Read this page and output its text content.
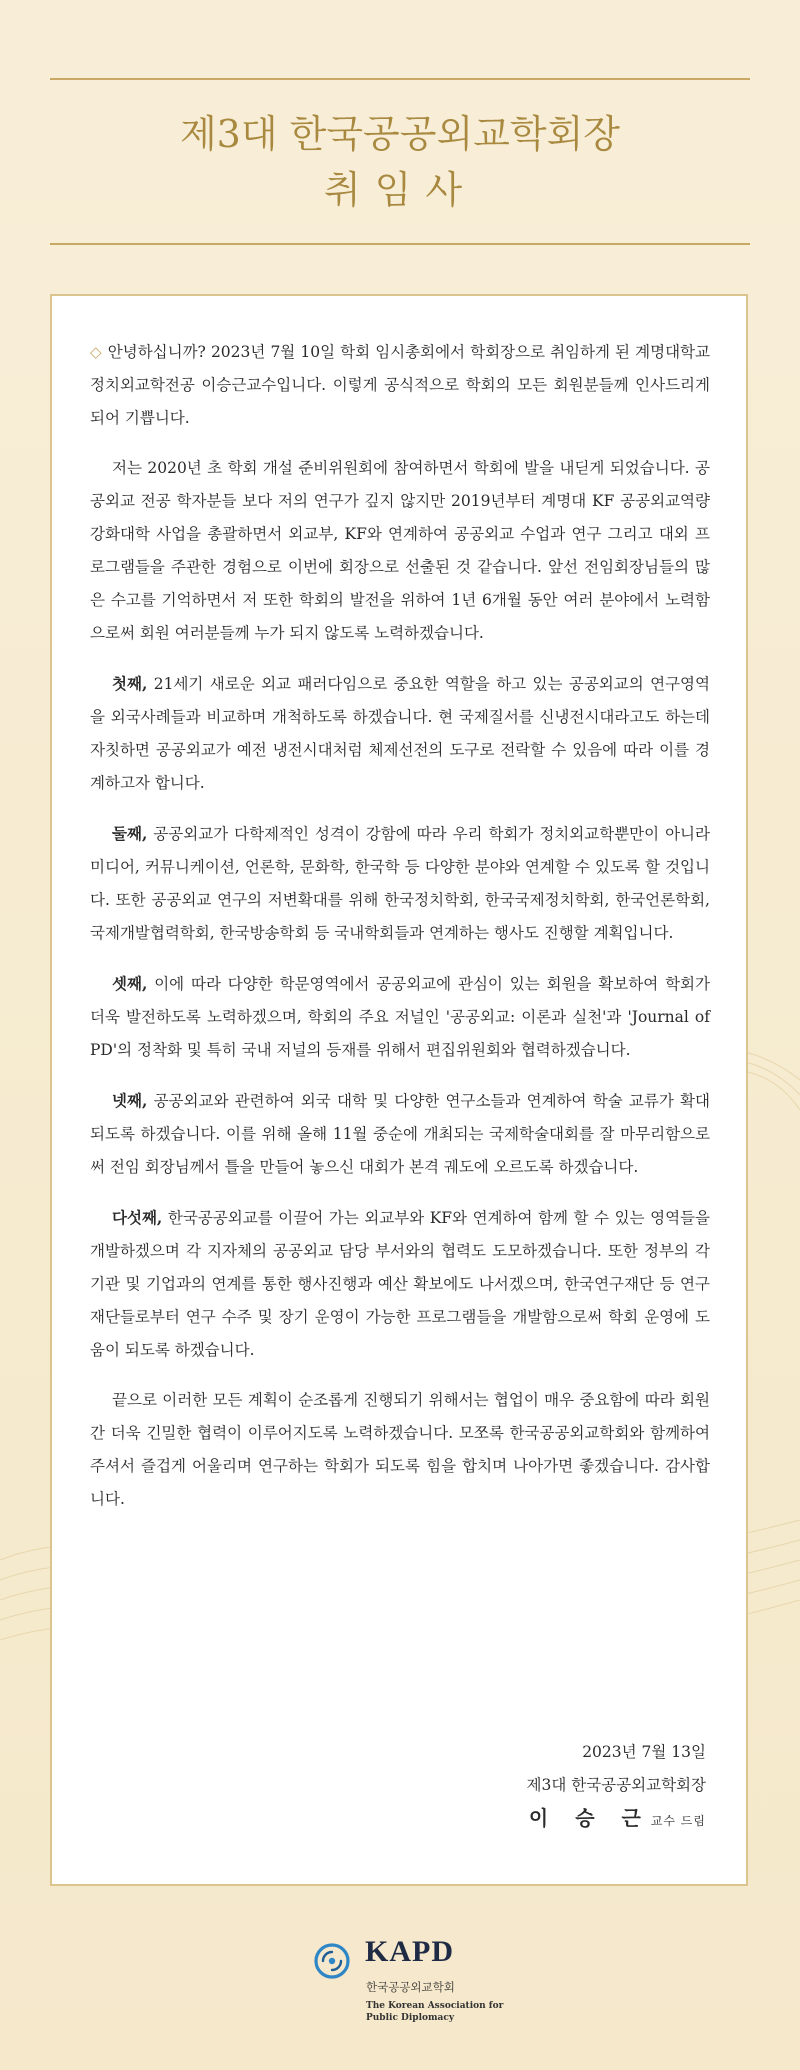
제3대 한국공공외교학회장
취임사

◇ 안녕하십니까? 2023년 7월 10일 학회 임시총회에서 학회장으로 취임하게 된 계명대학교 정치외교학전공 이승근교수입니다. 이렇게 공식적으로 학회의 모든 회원분들께 인사드리게 되어 기쁩니다.

저는 2020년 초 학회 개설 준비위원회에 참여하면서 학회에 발을 내딛게 되었습니다. 공공외교 전공 학자분들 보다 저의 연구가 깊지 않지만 2019년부터 계명대 KF 공공외교역량강화대학 사업을 총괄하면서 외교부, KF와 연계하여 공공외교 수업과 연구 그리고 대외 프로그램들을 주관한 경험으로 이번에 회장으로 선출된 것 같습니다. 앞선 전임회장님들의 많은 수고를 기억하면서 저 또한 학회의 발전을 위하여 1년 6개월 동안 여러 분야에서 노력함으로써 회원 여러분들께 누가 되지 않도록 노력하겠습니다.

첫째, 21세기 새로운 외교 패러다임으로 중요한 역할을 하고 있는 공공외교의 연구영역을 외국사례들과 비교하며 개척하도록 하겠습니다. 현 국제질서를 신냉전시대라고도 하는데 자칫하면 공공외교가 예전 냉전시대처럼 체제선전의 도구로 전락할 수 있음에 따라 이를 경계하고자 합니다.

둘째, 공공외교가 다학제적인 성격이 강함에 따라 우리 학회가 정치외교학뿐만이 아니라 미디어, 커뮤니케이션, 언론학, 문화학, 한국학 등 다양한 분야와 연계할 수 있도록 할 것입니다. 또한 공공외교 연구의 저변확대를 위해 한국정치학회, 한국국제정치학회, 한국언론학회, 국제개발협력학회, 한국방송학회 등 국내학회들과 연계하는 행사도 진행할 계획입니다.

셋째, 이에 따라 다양한 학문영역에서 공공외교에 관심이 있는 회원을 확보하여 학회가 더욱 발전하도록 노력하겠으며, 학회의 주요 저널인 '공공외교: 이론과 실천'과 'Journal of PD'의 정착화 및 특히 국내 저널의 등재를 위해서 편집위원회와 협력하겠습니다.

넷째, 공공외교와 관련하여 외국 대학 및 다양한 연구소들과 연계하여 학술 교류가 확대되도록 하겠습니다. 이를 위해 올해 11월 중순에 개최되는 국제학술대회를 잘 마무리함으로써 전임 회장님께서 틀을 만들어 놓으신 대회가 본격 궤도에 오르도록 하겠습니다.

다섯째, 한국공공외교를 이끌어 가는 외교부와 KF와 연계하여 함께 할 수 있는 영역들을 개발하겠으며 각 지자체의 공공외교 담당 부서와의 협력도 도모하겠습니다. 또한 정부의 각 기관 및 기업과의 연계를 통한 행사진행과 예산 확보에도 나서겠으며, 한국연구재단 등 연구재단들로부터 연구 수주 및 장기 운영이 가능한 프로그램들을 개발함으로써 학회 운영에 도움이 되도록 하겠습니다.

끝으로 이러한 모든 계획이 순조롭게 진행되기 위해서는 협업이 매우 중요함에 따라 회원 간 더욱 긴밀한 협력이 이루어지도록 노력하겠습니다. 모쪼록 한국공공외교학회와 함께하여 주셔서 즐겁게 어울리며 연구하는 학회가 되도록 힘을 합치며 나아가면 좋겠습니다. 감사합니다.

2023년 7월 13일
제3대 한국공공외교학회장
이 승 근교수 드림
KAPD
한국공공외교학회
The Korean Association for
Public Diplomacy
